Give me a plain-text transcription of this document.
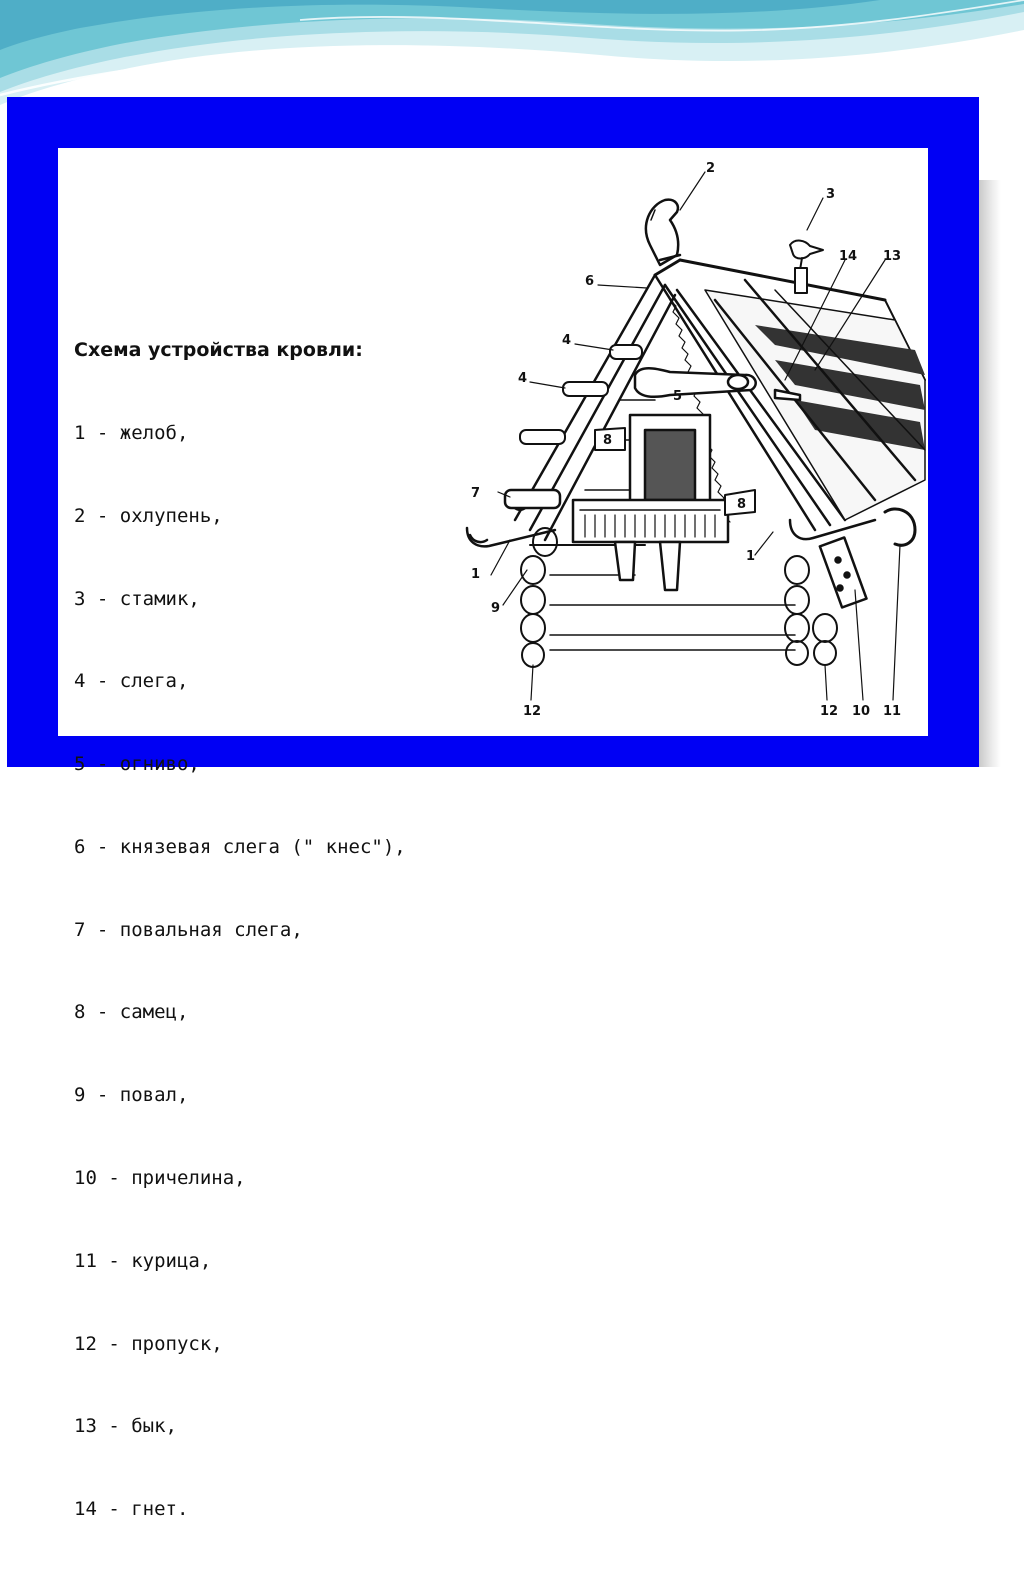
Схема устройства кровли:

1 - желоб,

2 - охлупень,

3 - стамик,

4 - слега,

5 - огниво,

6 - князевая слега (" кнес"),

7 - повальная слега,

8 - самец,

9 - повал,

10 - причелина,

11 - курица,

12 - пропуск,

13 - бык,

14 - гнет.

2
3
6
4
4
14 13
5
8
8
7
1
1
9
12	12 10 11
